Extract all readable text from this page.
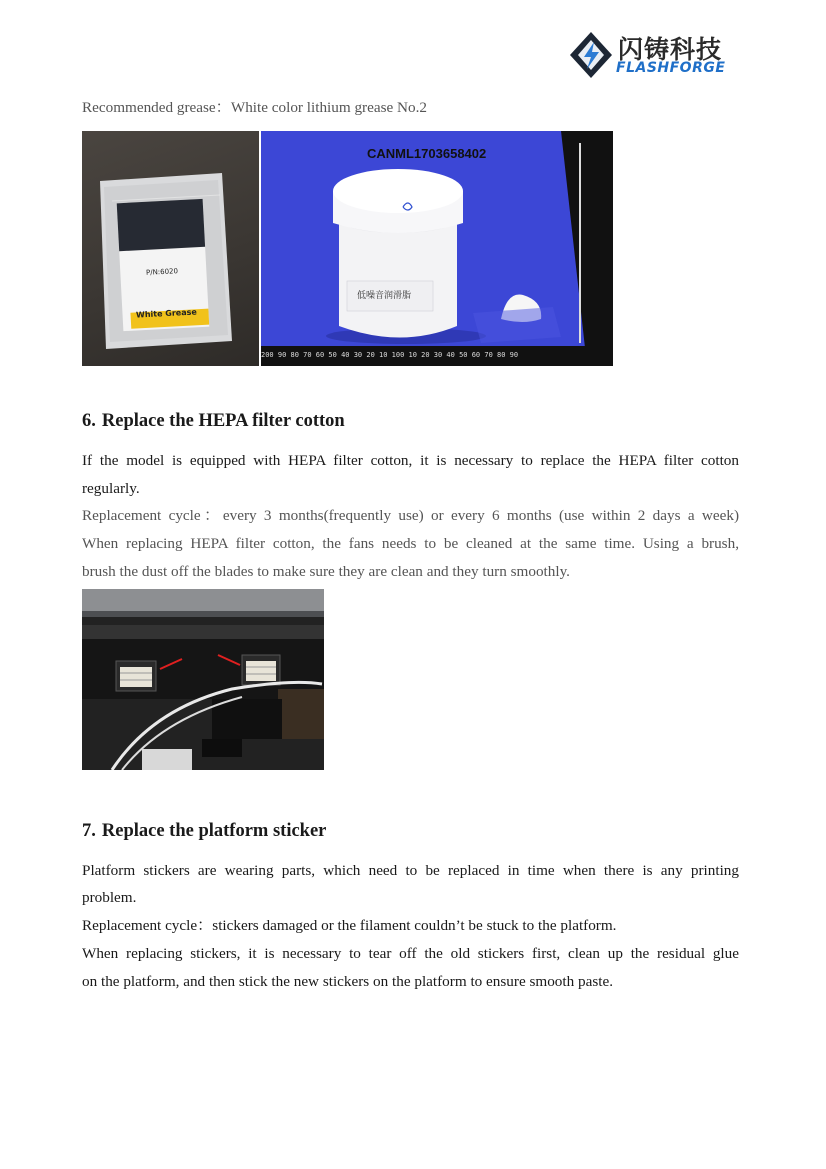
闪铸科技
FLASHFORGE

Recommended grease：White color lithium grease No.2

P/N:6020
White Grease
CANML1703658402
低噪音润滑脂
200 90 80 70 60 50 40 30 20 10 100 10 20 30 40 50 60 70 80 90
6. Replace the HEPA filter cotton

If the model is equipped with HEPA filter cotton, it is necessary to replace the HEPA filter cotton

regularly.

Replacement cycle：every 3 months(frequently use) or every 6 months (use within 2 days a week)

When replacing HEPA filter cotton, the fans needs to be cleaned at the same time. Using a brush,

brush the dust off the blades to make sure they are clean and they turn smoothly.

7. Replace the platform sticker

Platform stickers are wearing parts, which need to be replaced in time when there is any printing

problem.

Replacement cycle：stickers damaged or the filament couldn’t be stuck to the platform.

When replacing stickers, it is necessary to tear off the old stickers first, clean up the residual glue

on the platform, and then stick the new stickers on the platform to ensure smooth paste.
